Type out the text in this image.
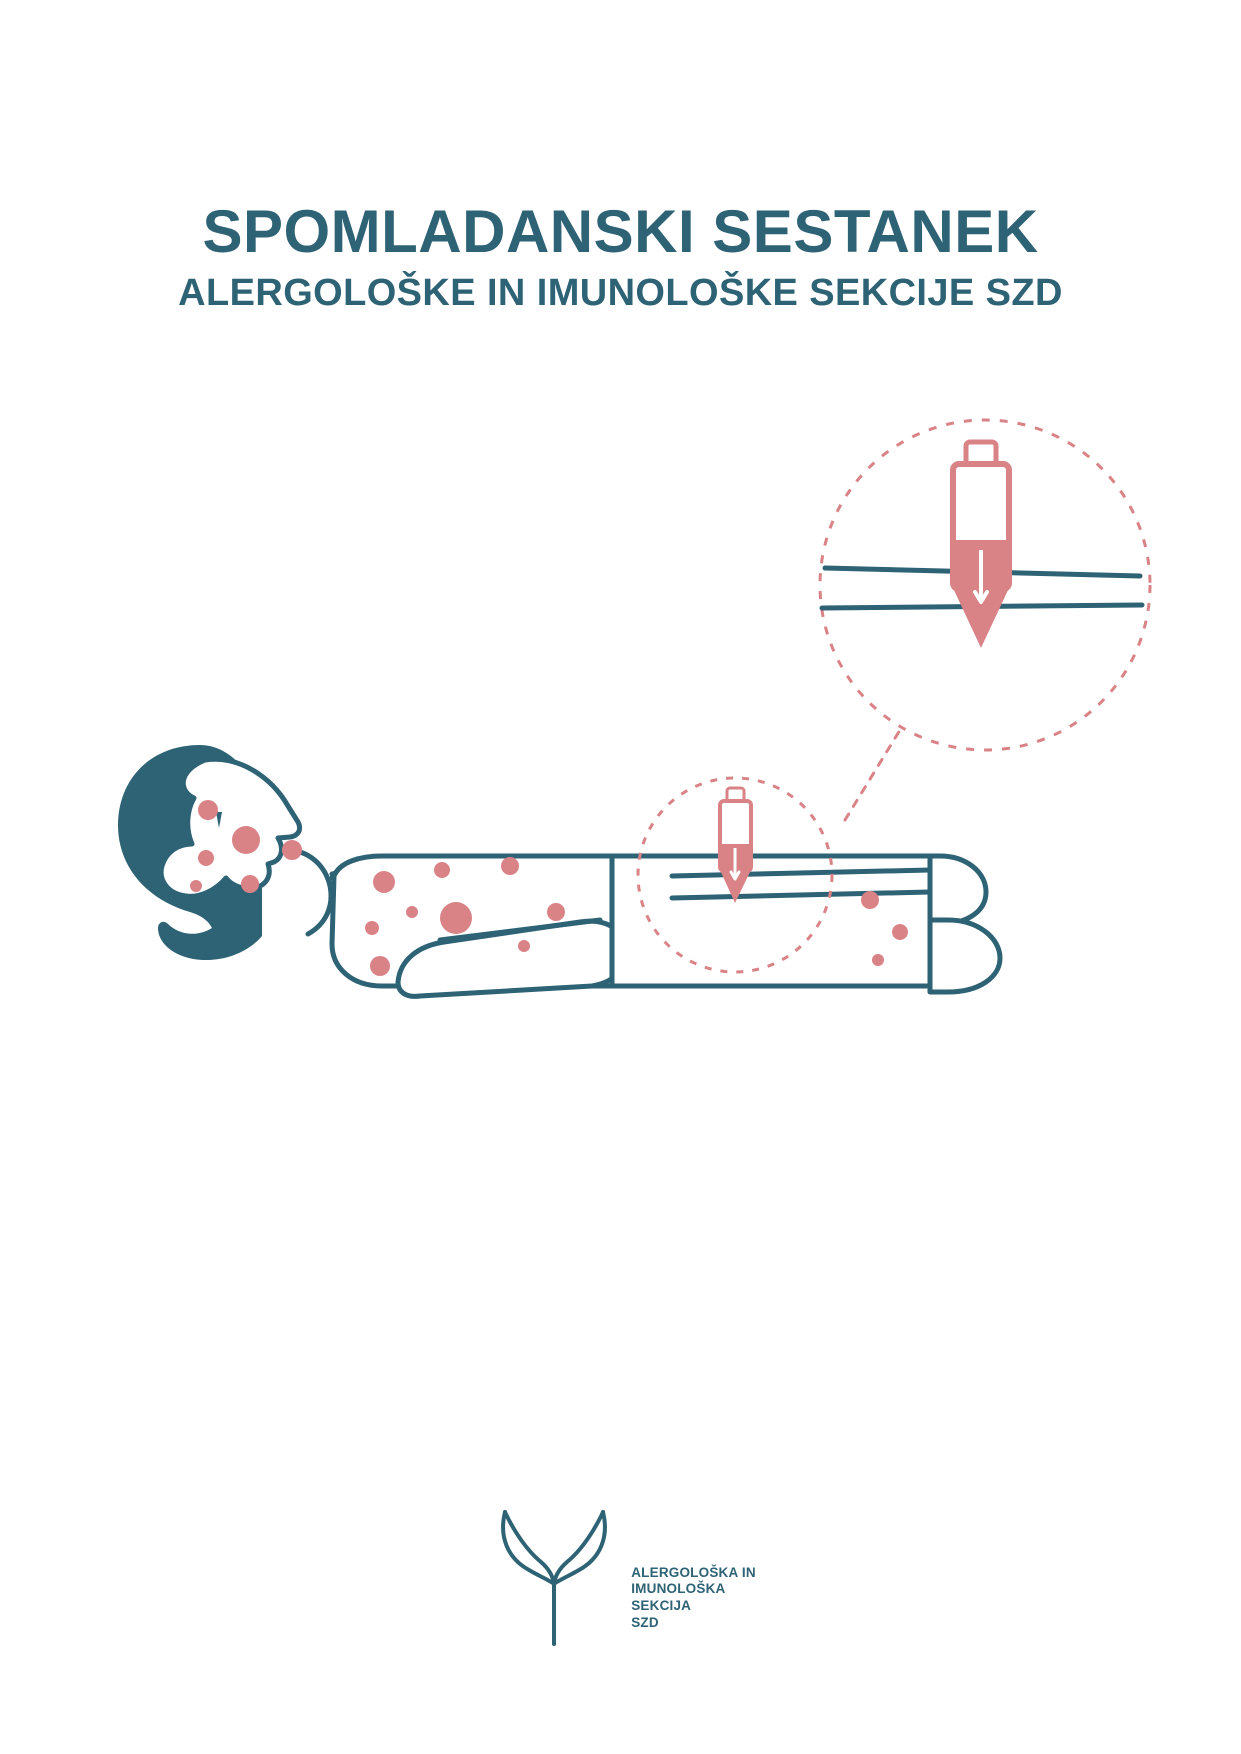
SPOMLADANSKI SESTANEK
ALERGOLOŠKE IN IMUNOLOŠKE SEKCIJE SZD
ALERGOLOŠKA IN
IMUNOLOŠKA
SEKCIJA
SZD
